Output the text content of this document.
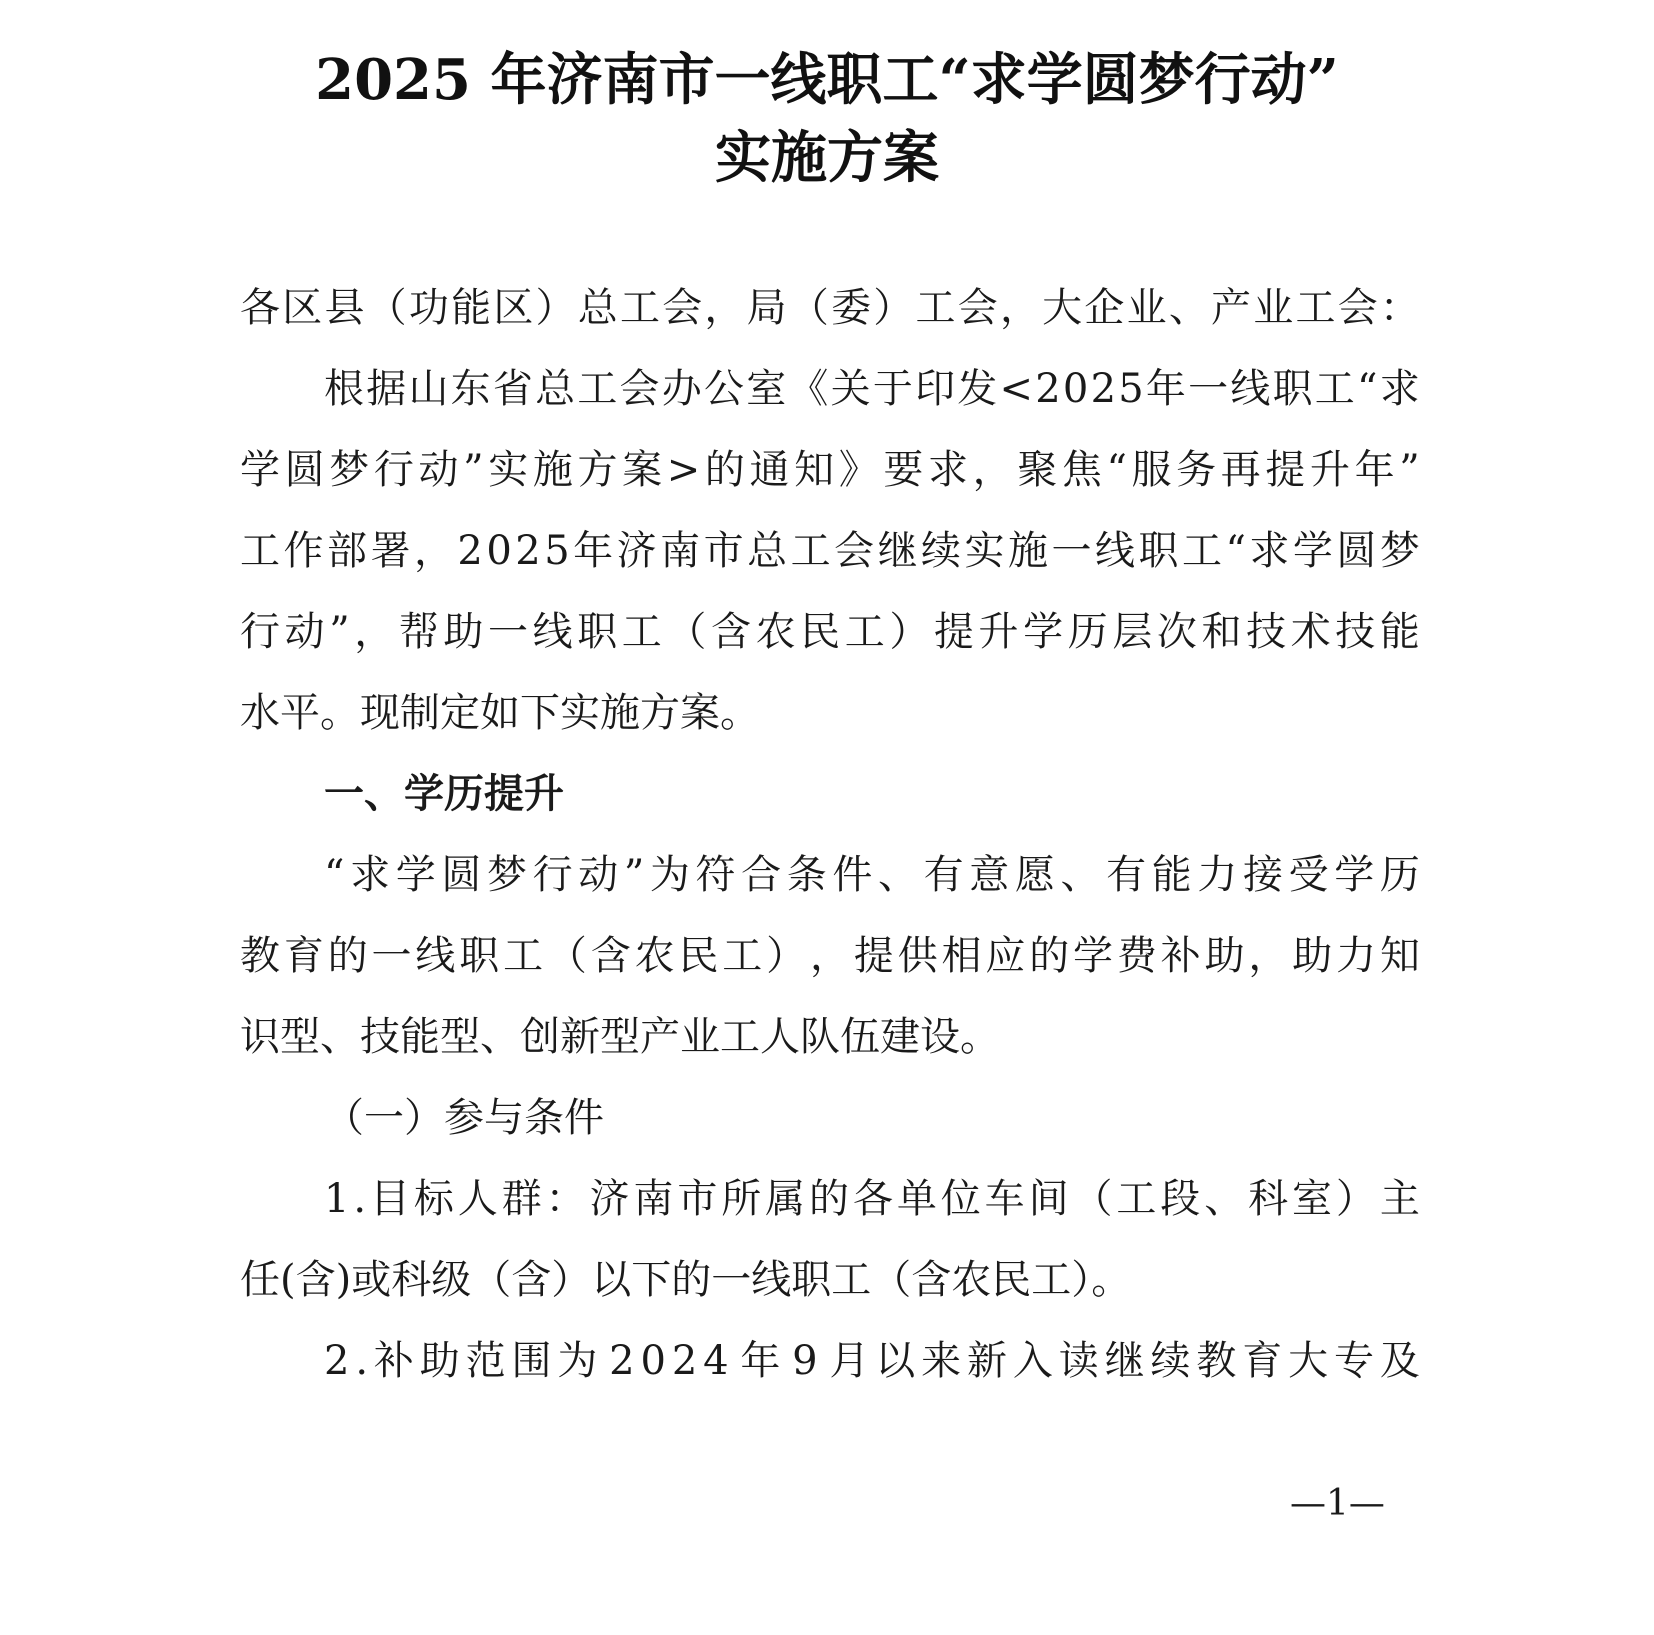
2025 年济南市一线职工“求学圆梦行动”
实施方案
各 区 县 （ 功 能 区 ） 总 工 会 ， 局 （ 委 ） 工 会 ， 大 企 业 、 产 业 工 会 ：
根 据 山 东 省 总 工 会 办 公 室 《 关 于 印 发 < 2 0 2 5 年 一 线 职 工 “ 求
学 圆 梦 行 动 ” 实 施 方 案 > 的 通 知 》 要 求 ， 聚 焦 “ 服 务 再 提 升 年 ”
工 作 部 署 ， 2 0 2 5 年 济 南 市 总 工 会 继 续 实 施 一 线 职 工 “ 求 学 圆 梦
行 动 ” ， 帮 助 一 线 职 工 （ 含 农 民 工 ） 提 升 学 历 层 次 和 技 术 技 能
水平。现制定如下实施方案。
一、学历提升
“ 求 学 圆 梦 行 动 ” 为 符 合 条 件 、 有 意 愿 、 有 能 力 接 受 学 历
教 育 的 一 线 职 工 （ 含 农 民 工 ） ， 提 供 相 应 的 学 费 补 助 ， 助 力 知
识型、技能型、创新型产业工人队伍建设。
（一）参与条件
1 . 目 标 人 群 ： 济 南 市 所 属 的 各 单 位 车 间 （ 工 段 、 科 室 ） 主
任(含)或科级（含）以下的一线职工（含农民工）。
2 . 补 助 范 围 为 2 0 2 4 年 9 月 以 来 新 入 读 继 续 教 育 大 专 及
—1—
